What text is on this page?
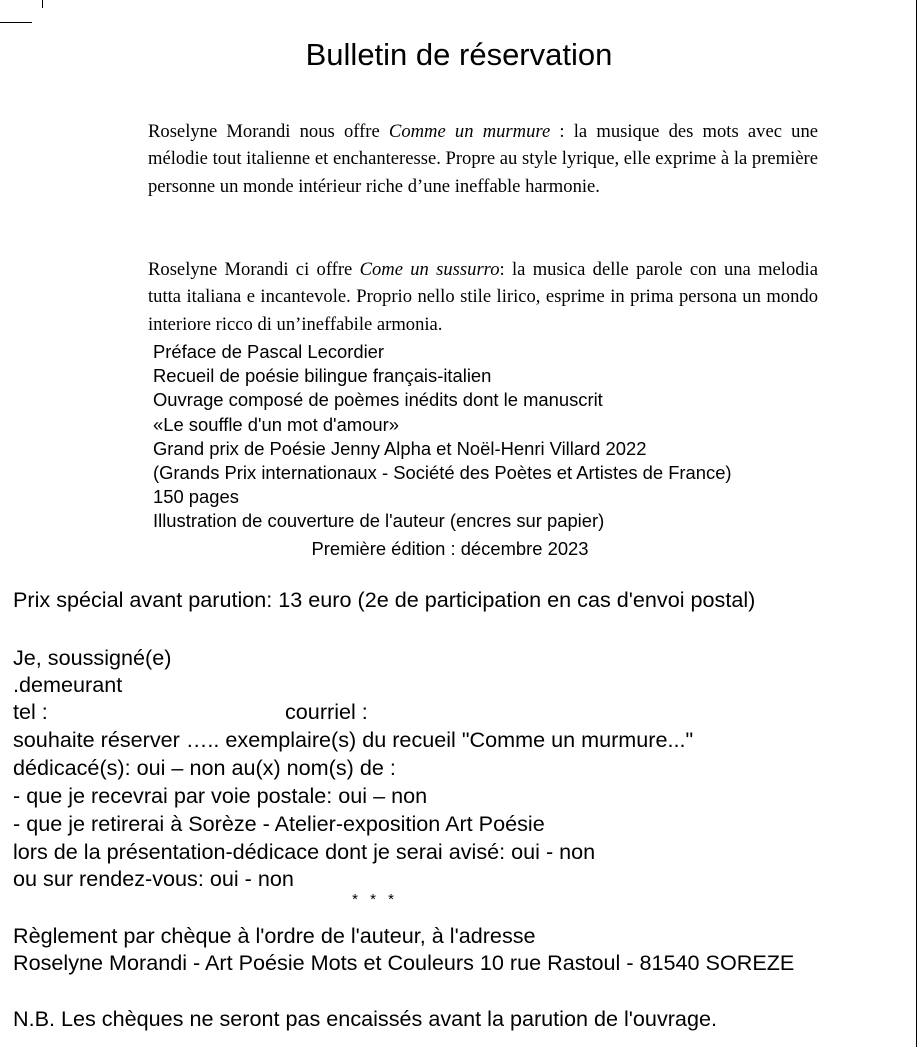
Bulletin de réservation

Roselyne Morandi nous offre Comme un murmure : la musique des mots avec une mélodie tout italienne et enchanteresse. Propre au style lyrique, elle exprime à la première personne un monde intérieur riche d’une ineffable harmonie.

Roselyne Morandi ci offre Come un sussurro: la musica delle parole con una melodia tutta italiana e incantevole. Proprio nello stile lirico, esprime in prima persona un mondo interiore ricco di un’ineffabile armonia.

Préface de Pascal Lecordier
Recueil de poésie bilingue français-italien
Ouvrage composé de poèmes inédits dont le manuscrit
«Le souffle d'un mot d'amour»
Grand prix de Poésie Jenny Alpha et Noël-Henri Villard 2022
(Grands Prix internationaux - Société des Poètes et Artistes de France)
150 pages
Illustration de couverture de l'auteur (encres sur papier)
Première édition : décembre 2023
Prix spécial avant parution: 13 euro (2e de participation en cas d'envoi postal)
Je, soussigné(e)
.demeurant
tel :	courriel :
souhaite réserver ….. exemplaire(s) du recueil "Comme un murmure..."
dédicacé(s): oui – non au(x) nom(s) de :
- que je recevrai par voie postale: oui – non
- que je retirerai à Sorèze - Atelier-exposition Art Poésie
lors de la présentation-dédicace dont je serai avisé: oui - non
ou sur rendez-vous: oui - non
Règlement par chèque à l'ordre de l'auteur, à l'adresse
Roselyne Morandi - Art Poésie Mots et Couleurs 10 rue Rastoul - 81540 SOREZE
N.B. Les chèques ne seront pas encaissés avant la parution de l'ouvrage.
* * *
